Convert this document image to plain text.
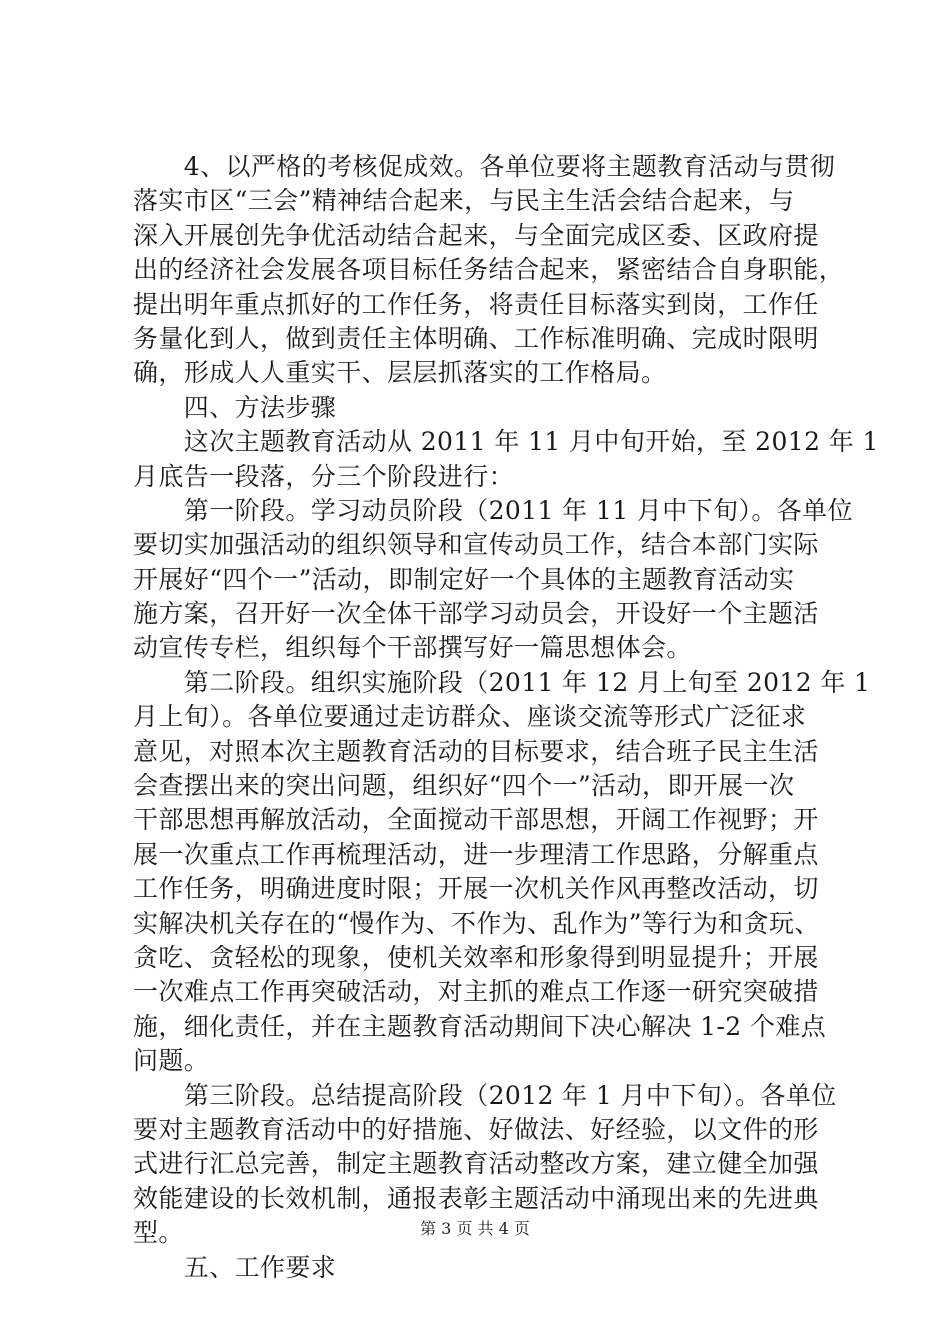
　　4、以严格的考核促成效。各单位要将主题教育活动与贯彻
落实市区“三会”精神结合起来，与民主生活会结合起来，与
深入开展创先争优活动结合起来，与全面完成区委、区政府提
出的经济社会发展各项目标任务结合起来，紧密结合自身职能，
提出明年重点抓好的工作任务，将责任目标落实到岗，工作任
务量化到人，做到责任主体明确、工作标准明确、完成时限明
确，形成人人重实干、层层抓落实的工作格局。
　　四、方法步骤
　　这次主题教育活动从 2011 年 11 月中旬开始，至 2012 年 1
月底告一段落，分三个阶段进行：
　　第一阶段。学习动员阶段（2011 年 11 月中下旬）。各单位
要切实加强活动的组织领导和宣传动员工作，结合本部门实际
开展好“四个一”活动，即制定好一个具体的主题教育活动实
施方案，召开好一次全体干部学习动员会，开设好一个主题活
动宣传专栏，组织每个干部撰写好一篇思想体会。
　　第二阶段。组织实施阶段（2011 年 12 月上旬至 2012 年 1
月上旬）。各单位要通过走访群众、座谈交流等形式广泛征求
意见，对照本次主题教育活动的目标要求，结合班子民主生活
会查摆出来的突出问题，组织好“四个一”活动，即开展一次
干部思想再解放活动，全面搅动干部思想，开阔工作视野；开
展一次重点工作再梳理活动，进一步理清工作思路，分解重点
工作任务，明确进度时限；开展一次机关作风再整改活动，切
实解决机关存在的“慢作为、不作为、乱作为”等行为和贪玩、
贪吃、贪轻松的现象，使机关效率和形象得到明显提升；开展
一次难点工作再突破活动，对主抓的难点工作逐一研究突破措
施，细化责任，并在主题教育活动期间下决心解决 1-2 个难点
问题。
　　第三阶段。总结提高阶段（2012 年 1 月中下旬）。各单位
要对主题教育活动中的好措施、好做法、好经验，以文件的形
式进行汇总完善，制定主题教育活动整改方案，建立健全加强
效能建设的长效机制，通报表彰主题活动中涌现出来的先进典
型。
　　五、工作要求
第 3 页 共 4 页
